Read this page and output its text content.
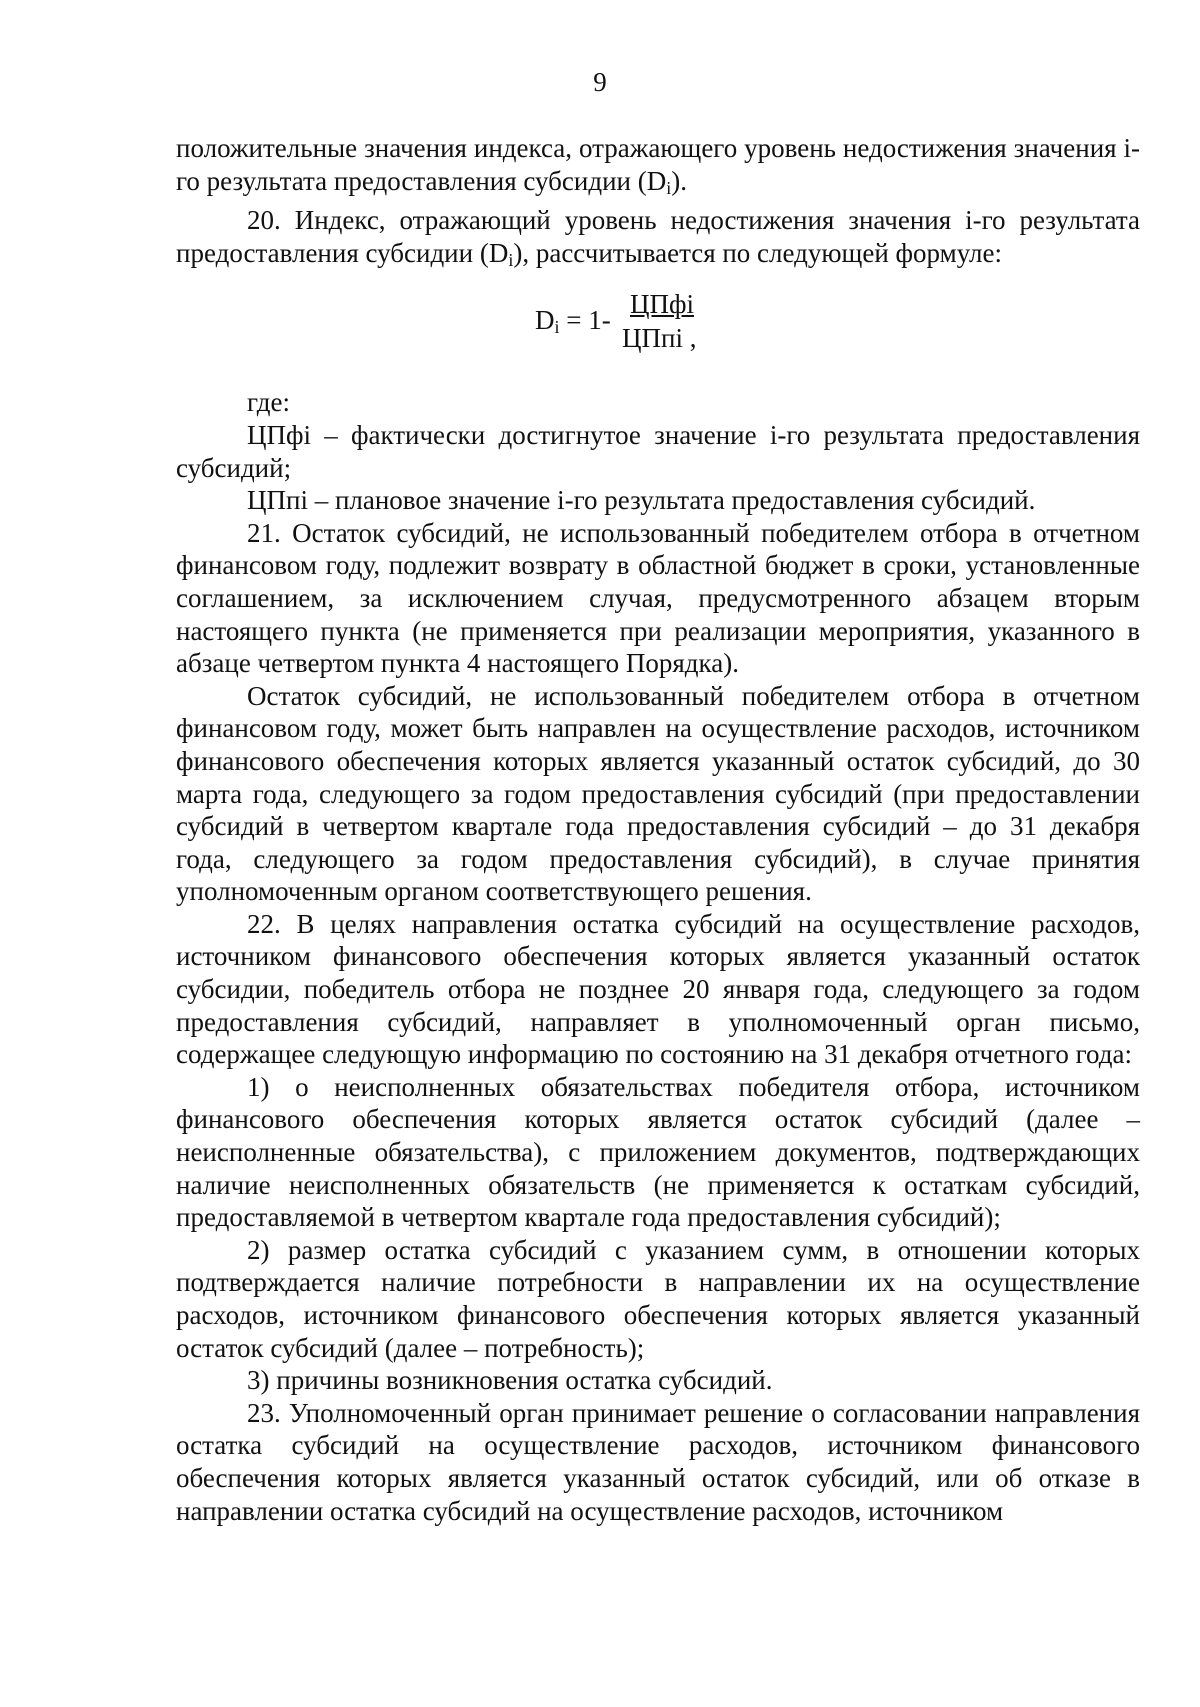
9

положительные значения индекса, отражающего уровень недостижения значения i-го результата предоставления субсидии $(D_i)$.

20. Индекс, отражающий уровень недостижения значения i-го результата предоставления субсидии $(D_i)$, рассчитывается по следующей формуле:

$D_i = 1-$
ЦПфi
ЦПпi ,

где:

ЦПфi – фактически достигнутое значение i-го результата предоставления субсидий;

ЦПпi – плановое значение i-го результата предоставления субсидий.

21. Остаток субсидий, не использованный победителем отбора в отчетном финансовом году, подлежит возврату в областной бюджет в сроки, установленные соглашением, за исключением случая, предусмотренного абзацем вторым настоящего пункта (не применяется при реализации мероприятия, указанного в абзаце четвертом пункта 4 настоящего Порядка).

Остаток субсидий, не использованный победителем отбора в отчетном финансовом году, может быть направлен на осуществление расходов, источником финансового обеспечения которых является указанный остаток субсидий, до 30 марта года, следующего за годом предоставления субсидий (при предоставлении субсидий в четвертом квартале года предоставления субсидий – до 31 декабря года, следующего за годом предоставления субсидий), в случае принятия уполномоченным органом соответствующего решения.

22. В целях направления остатка субсидий на осуществление расходов, источником финансового обеспечения которых является указанный остаток субсидии, победитель отбора не позднее 20 января года, следующего за годом предоставления субсидий, направляет в уполномоченный орган письмо, содержащее следующую информацию по состоянию на 31 декабря отчетного года:

1) о неисполненных обязательствах победителя отбора, источником финансового обеспечения которых является остаток субсидий (далее – неисполненные обязательства), с приложением документов, подтверждающих наличие неисполненных обязательств (не применяется к остаткам субсидий, предоставляемой в четвертом квартале года предоставления субсидий);

2) размер остатка субсидий с указанием сумм, в отношении которых подтверждается наличие потребности в направлении их на осуществление расходов, источником финансового обеспечения которых является указанный остаток субсидий (далее – потребность);

3) причины возникновения остатка субсидий.

23. Уполномоченный орган принимает решение о согласовании направления остатка субсидий на осуществление расходов, источником финансового обеспечения которых является указанный остаток субсидий, или об отказе в направлении остатка субсидий на осуществление расходов, источником
